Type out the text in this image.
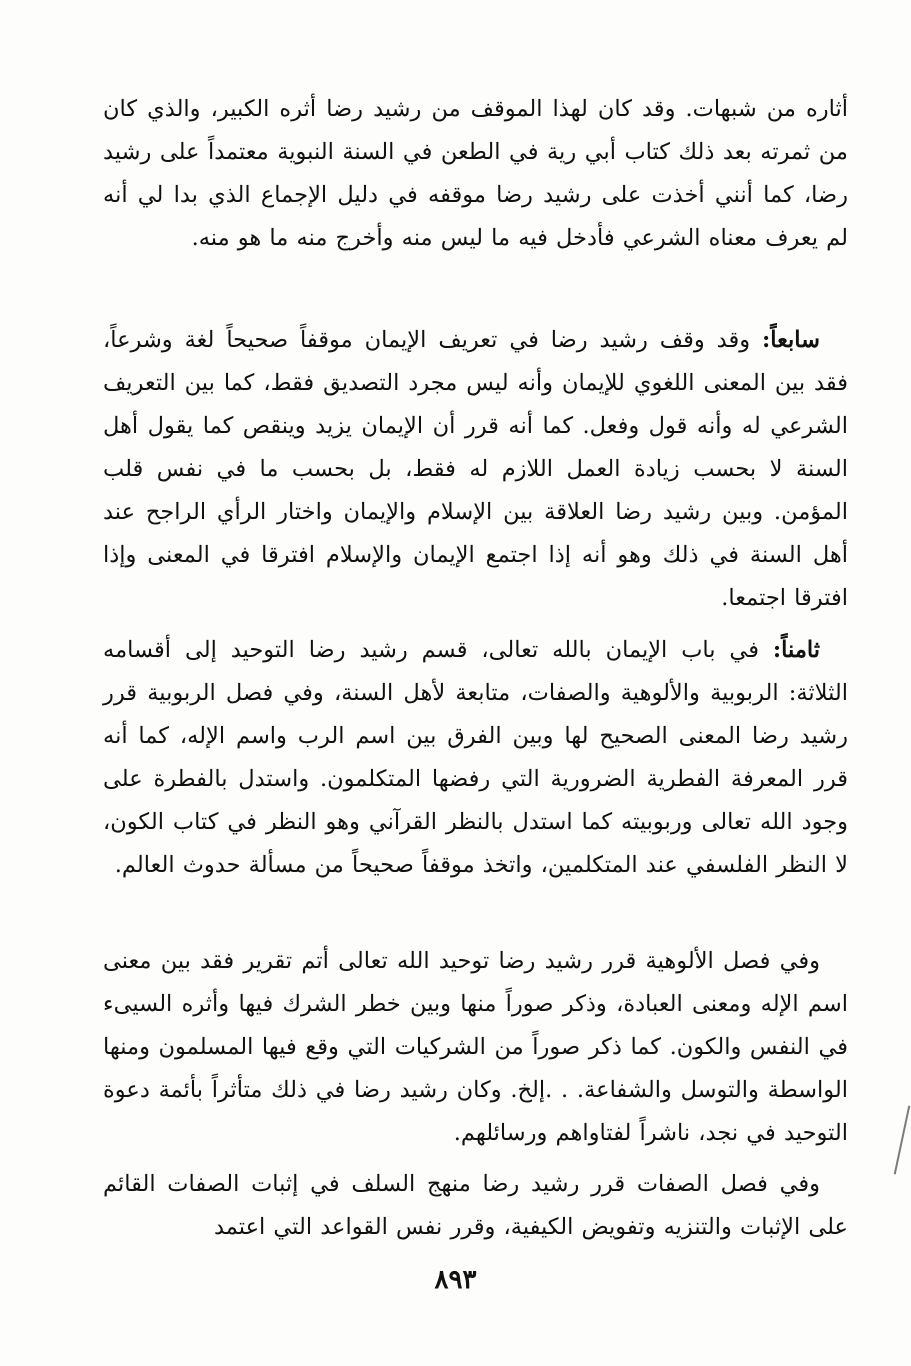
أثاره من شبهات. وقد كان لهذا الموقف من رشيد رضا أثره الكبير، والذي كان من ثمرته بعد ذلك كتاب أبي رية في الطعن في السنة النبوية معتمداً على رشيد رضا، كما أنني أخذت على رشيد رضا موقفه في دليل الإجماع الذي بدا لي أنه لم يعرف معناه الشرعي فأدخل فيه ما ليس منه وأخرج منه ما هو منه.

سابعاً: وقد وقف رشيد رضا في تعريف الإيمان موقفاً صحيحاً لغة وشرعاً، فقد بين المعنى اللغوي للإيمان وأنه ليس مجرد التصديق فقط، كما بين التعريف الشرعي له وأنه قول وفعل. كما أنه قرر أن الإيمان يزيد وينقص كما يقول أهل السنة لا بحسب زيادة العمل اللازم له فقط، بل بحسب ما في نفس قلب المؤمن. وبين رشيد رضا العلاقة بين الإسلام والإيمان واختار الرأي الراجح عند أهل السنة في ذلك وهو أنه إذا اجتمع الإيمان والإسلام افترقا في المعنى وإذا افترقا اجتمعا.

ثامناً: في باب الإيمان بالله تعالى، قسم رشيد رضا التوحيد إلى أقسامه الثلاثة: الربوبية والألوهية والصفات، متابعة لأهل السنة، وفي فصل الربوبية قرر رشيد رضا المعنى الصحيح لها وبين الفرق بين اسم الرب واسم الإله، كما أنه قرر المعرفة الفطرية الضرورية التي رفضها المتكلمون. واستدل بالفطرة على وجود الله تعالى وربوبيته كما استدل بالنظر القرآني وهو النظر في كتاب الكون، لا النظر الفلسفي عند المتكلمين، واتخذ موقفاً صحيحاً من مسألة حدوث العالم.

وفي فصل الألوهية قرر رشيد رضا توحيد الله تعالى أتم تقرير فقد بين معنى اسم الإله ومعنى العبادة، وذكر صوراً منها وبين خطر الشرك فيها وأثره السيىء في النفس والكون. كما ذكر صوراً من الشركيات التي وقع فيها المسلمون ومنها الواسطة والتوسل والشفاعة. . .إلخ. وكان رشيد رضا في ذلك متأثراً بأئمة دعوة التوحيد في نجد، ناشراً لفتاواهم ورسائلهم.

وفي فصل الصفات قرر رشيد رضا منهج السلف في إثبات الصفات القائم على الإثبات والتنزيه وتفويض الكيفية، وقرر نفس القواعد التي اعتمد

٨٩٣
